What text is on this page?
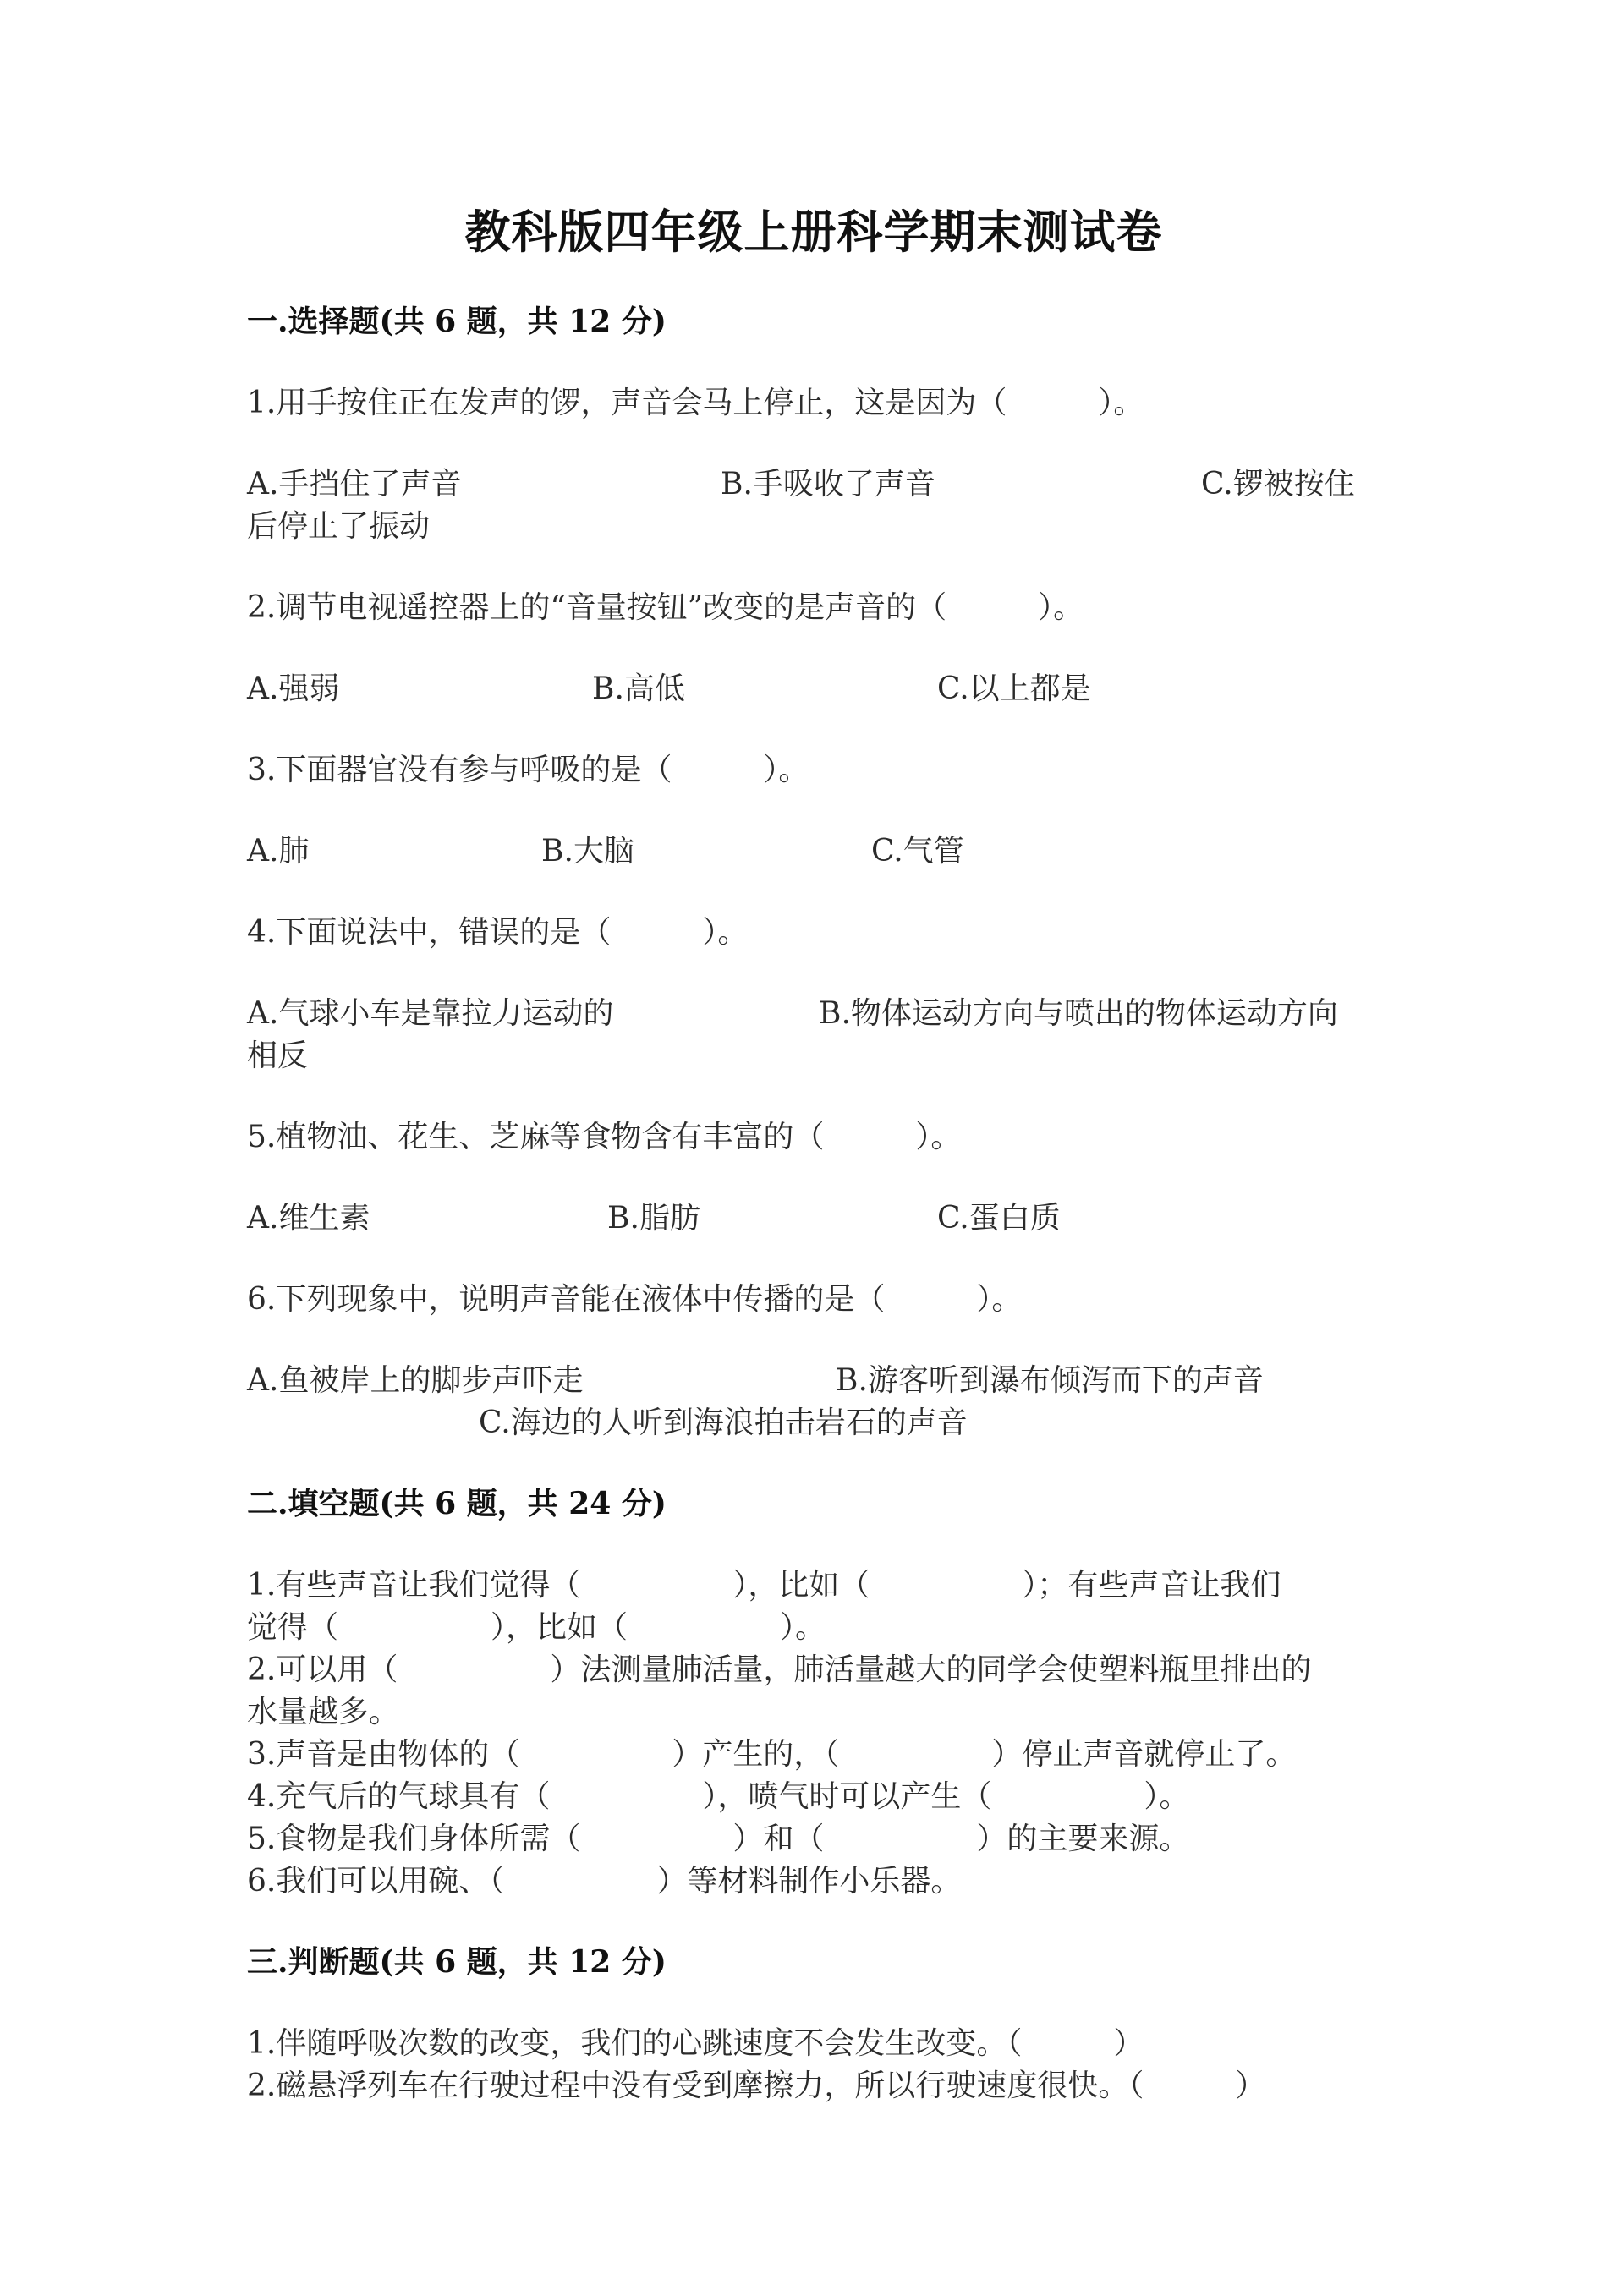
教科版四年级上册科学期末测试卷
一.选择题(共 6 题，共 12 分)
1.用手按住正在发声的锣，声音会马上停止，这是因为（　　　）。
A.手挡住了声音	B.手吸收了声音	C.锣被按住
后停止了振动
2.调节电视遥控器上的“音量按钮”改变的是声音的（　　　）。
A.强弱	B.高低	C.以上都是
3.下面器官没有参与呼吸的是（　　　）。
A.肺	B.大脑	C.气管
4.下面说法中，错误的是（　　　）。
A.气球小车是靠拉力运动的	B.物体运动方向与喷出的物体运动方向
相反
5.植物油、花生、芝麻等食物含有丰富的（　　　）。
A.维生素	B.脂肪	C.蛋白质
6.下列现象中，说明声音能在液体中传播的是（　　　）。
A.鱼被岸上的脚步声吓走	B.游客听到瀑布倾泻而下的声音
C.海边的人听到海浪拍击岩石的声音
二.填空题(共 6 题，共 24 分)
1.有些声音让我们觉得（　　　　　），比如（　　　　　）；有些声音让我们
觉得（　　　　　），比如（　　　　　）。
2.可以用（　　　　　）法测量肺活量，肺活量越大的同学会使塑料瓶里排出的
水量越多。
3.声音是由物体的（　　　　　）产生的，（　　　　　）停止声音就停止了。
4.充气后的气球具有（　　　　　），喷气时可以产生（　　　　　）。
5.食物是我们身体所需（　　　　　）和（　　　　　）的主要来源。
6.我们可以用碗、（　　　　　）等材料制作小乐器。
三.判断题(共 6 题，共 12 分)
1.伴随呼吸次数的改变，我们的心跳速度不会发生改变。（　　　）
2.磁悬浮列车在行驶过程中没有受到摩擦力，所以行驶速度很快。（　　　）
